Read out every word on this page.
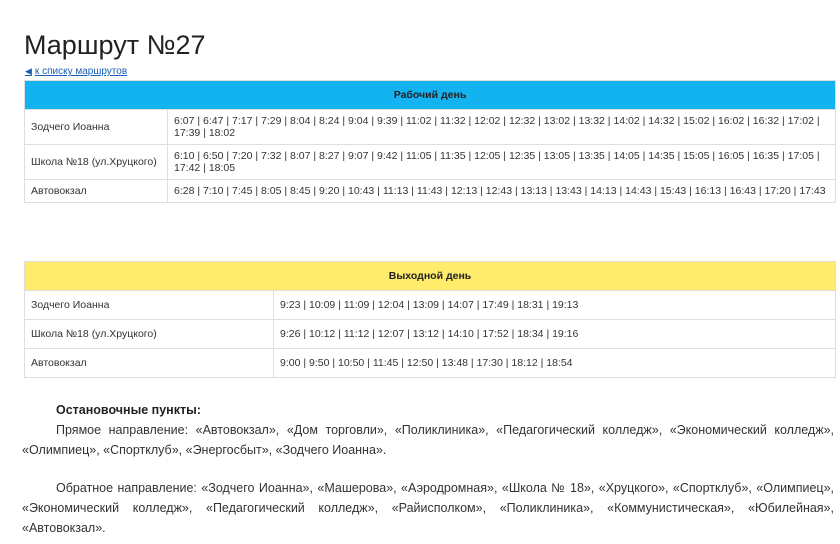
Маршрут №27
◀ к списку маршрутов
Рабочий день	
Зодчего Иоанна	6:07 | 6:47 | 7:17 | 7:29 | 8:04 | 8:24 | 9:04 | 9:39 | 11:02 | 11:32 | 12:02 | 12:32 | 13:02 | 13:32 | 14:02 | 14:32 | 15:02 | 16:02 | 16:32 | 17:02 | 17:39 | 18:02
Школа №18 (ул.Хруцкого)	6:10 | 6:50 | 7:20 | 7:32 | 8:07 | 8:27 | 9:07 | 9:42 | 11:05 | 11:35 | 12:05 | 12:35 | 13:05 | 13:35 | 14:05 | 14:35 | 15:05 | 16:05 | 16:35 | 17:05 | 17:42 | 18:05
Автовокзал	6:28 | 7:10 | 7:45 | 8:05 | 8:45 | 9:20 | 10:43 | 11:13 | 11:43 | 12:13 | 12:43 | 13:13 | 13:43 | 14:13 | 14:43 | 15:43 | 16:13 | 16:43 | 17:20 | 17:43
Выходной день	
Зодчего Иоанна	9:23 | 10:09 | 11:09 | 12:04 | 13:09 | 14:07 | 17:49 | 18:31 | 19:13
Школа №18 (ул.Хруцкого)	9:26 | 10:12 | 11:12 | 12:07 | 13:12 | 14:10 | 17:52 | 18:34 | 19:16
Автовокзал	9:00 | 9:50 | 10:50 | 11:45 | 12:50 | 13:48 | 17:30 | 18:12 | 18:54

Остановочные пункты:

Прямое направление: «Автовокзал», «Дом торговли», «Поликлиника», «Педагогический колледж», «Экономический колледж», «Олимпиец», «Спортклуб», «Энергосбыт», «Зодчего Иоанна».

Обратное направление: «Зодчего Иоанна», «Машерова», «Аэродромная», «Школа № 18», «Хруцкого», «Спортклуб», «Олимпиец», «Экономический колледж», «Педагогический колледж», «Райисполком», «Поликлиника», «Коммунистическая», «Юбилейная», «Автовокзал».
